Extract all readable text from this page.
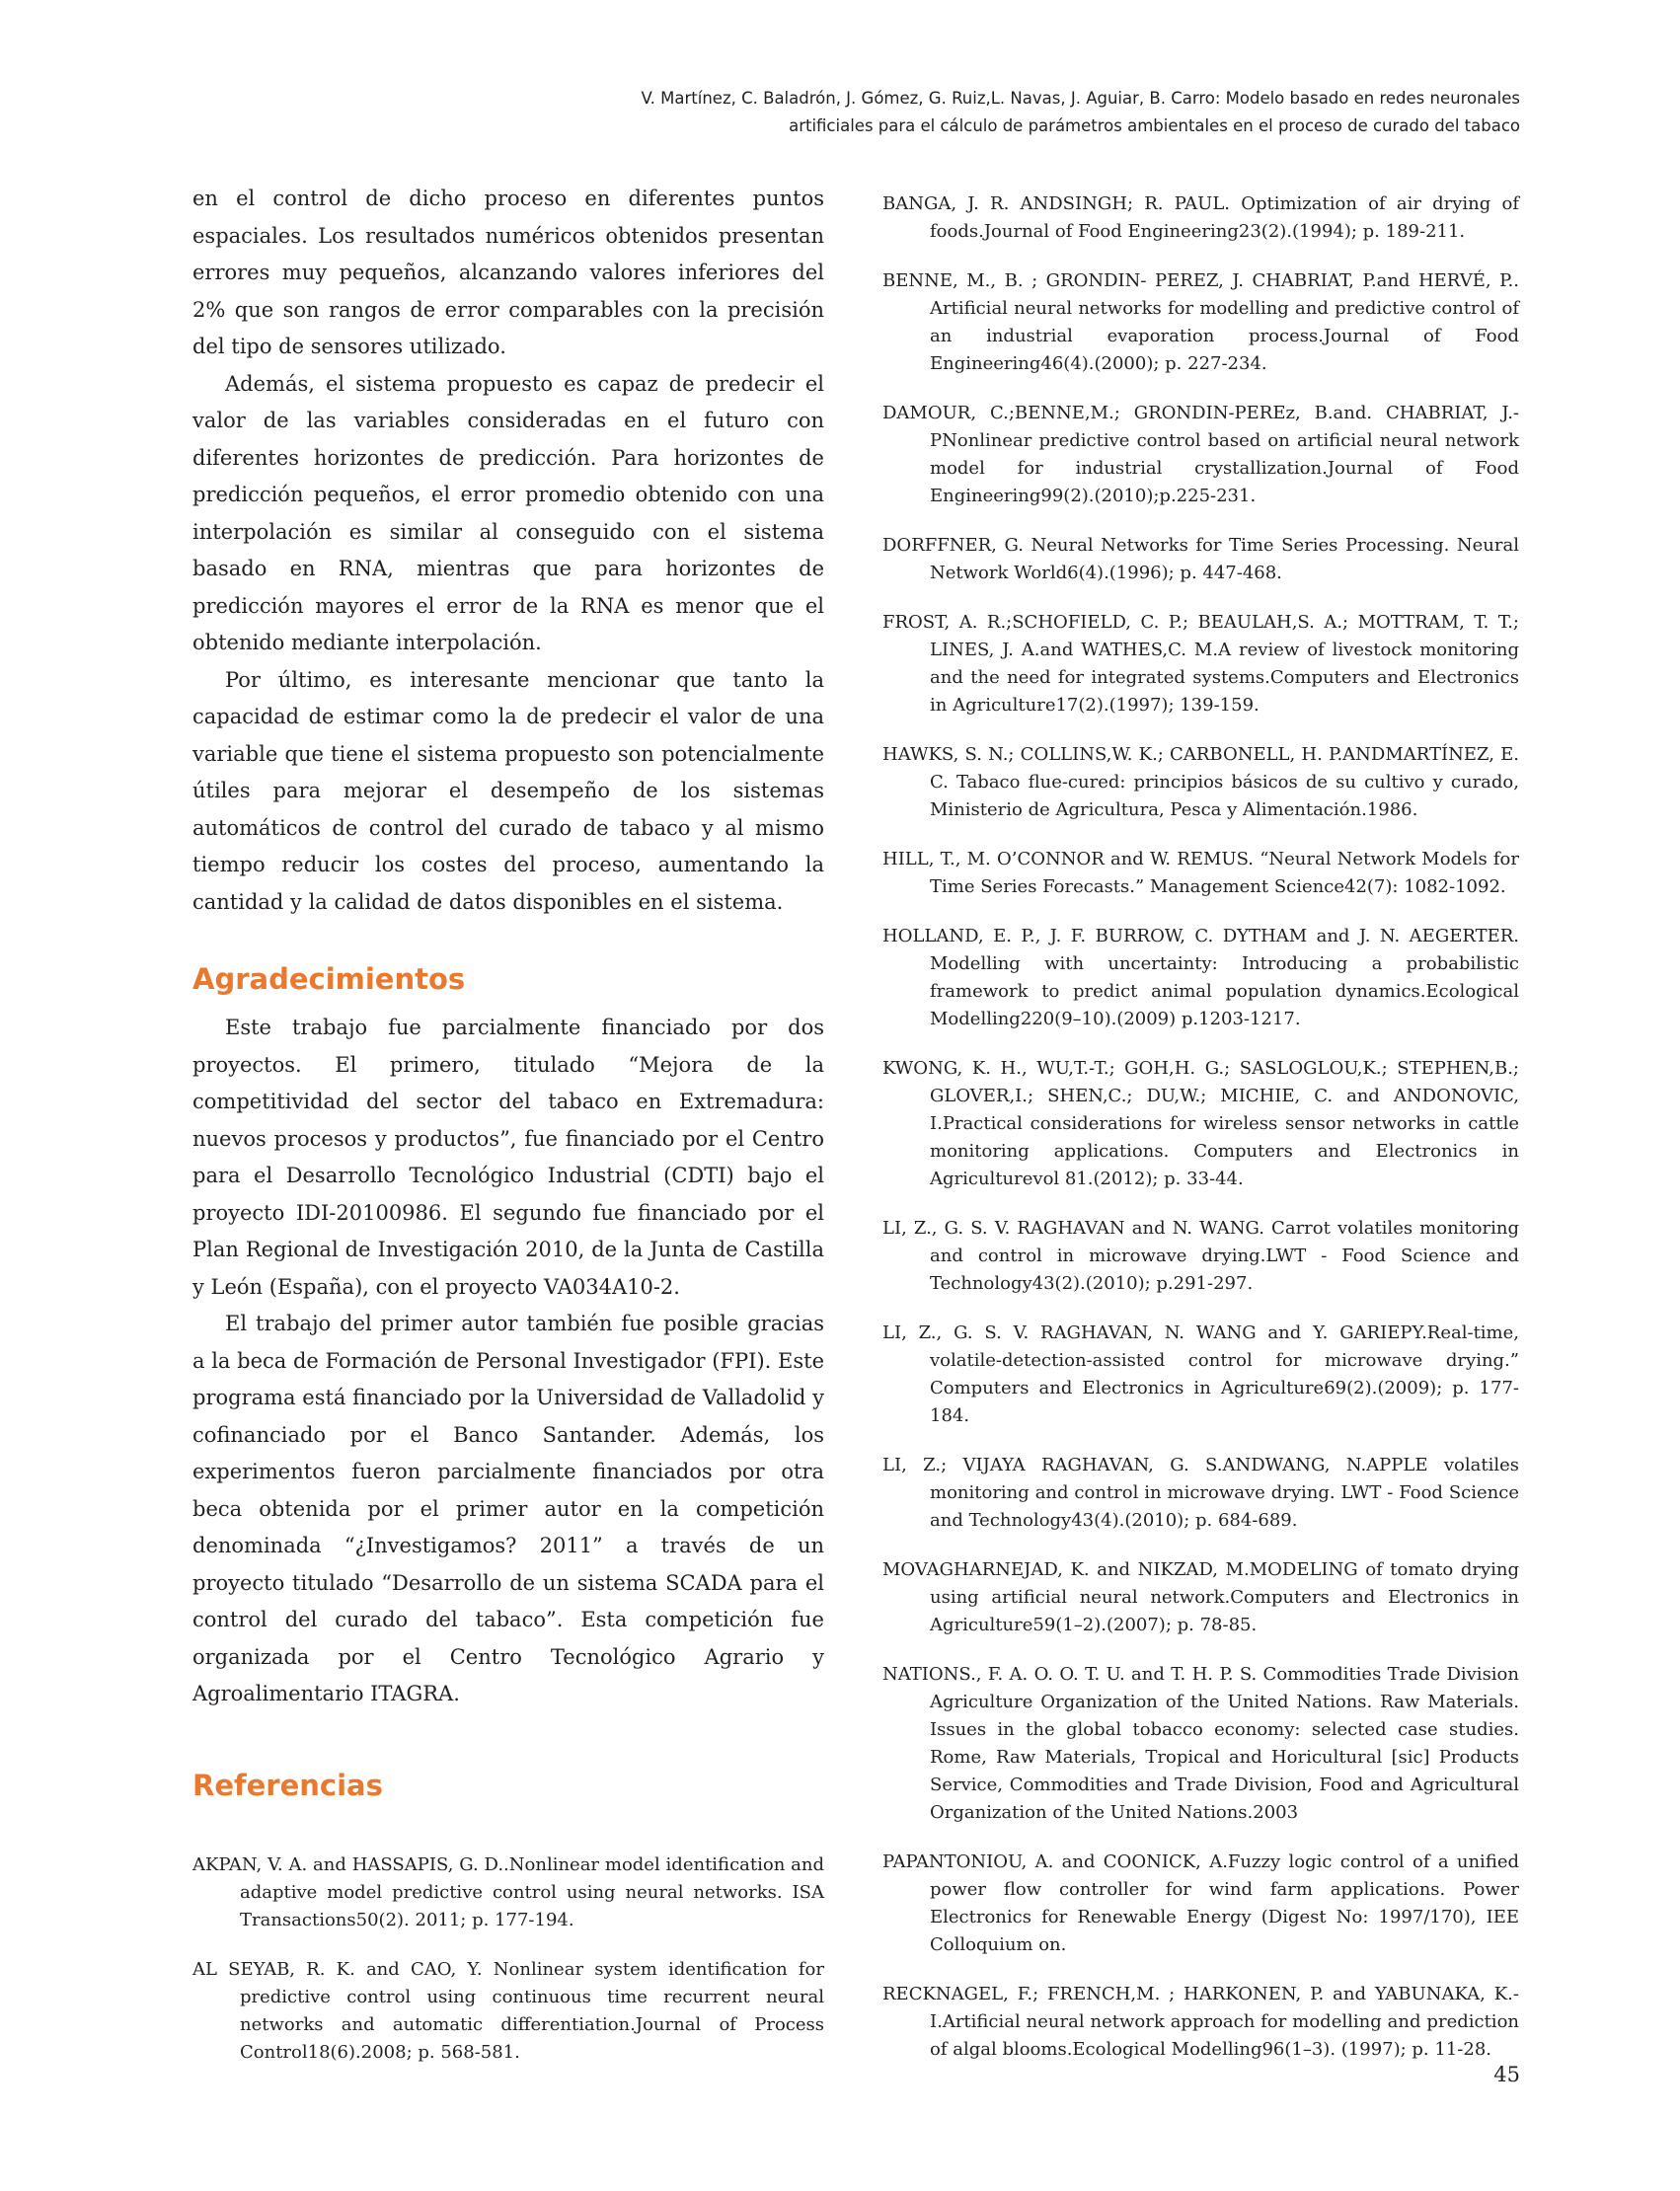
V. Martínez, C. Baladrón, J. Gómez, G. Ruiz,L. Navas, J. Aguiar, B. Carro: Modelo basado en redes neuronales
artificiales para el cálculo de parámetros ambientales en el proceso de curado del tabaco

en el control de dicho proceso en diferentes puntos espaciales. Los resultados numéricos obtenidos presentan errores muy pequeños, alcanzando valores inferiores del 2% que son rangos de error comparables con la precisión del tipo de sensores utilizado.

Además, el sistema propuesto es capaz de predecir el valor de las variables consideradas en el futuro con diferentes horizontes de predicción. Para horizontes de predicción pequeños, el error promedio obtenido con una interpolación es similar al conseguido con el sistema basado en RNA, mientras que para horizontes de predicción mayores el error de la RNA es menor que el obtenido mediante interpolación.

Por último, es interesante mencionar que tanto la capacidad de estimar como la de predecir el valor de una variable que tiene el sistema propuesto son potencialmente útiles para mejorar el desempeño de los sistemas automáticos de control del curado de tabaco y al mismo tiempo reducir los costes del proceso, aumentando la cantidad y la calidad de datos disponibles en el sistema.

Agradecimientos

Este trabajo fue parcialmente financiado por dos proyectos. El primero, titulado “Mejora de la competitividad del sector del tabaco en Extremadura: nuevos procesos y productos”, fue financiado por el Centro para el Desarrollo Tecnológico Industrial (CDTI) bajo el proyecto IDI-20100986. El segundo fue financiado por el Plan Regional de Investigación 2010, de la Junta de Castilla y León (España), con el proyecto VA034A10-2.

El trabajo del primer autor también fue posible gracias a la beca de Formación de Personal Investigador (FPI). Este programa está financiado por la Universidad de Valladolid y cofinanciado por el Banco Santander. Además, los experimentos fueron parcialmente financiados por otra beca obtenida por el primer autor en la competición denominada “¿Investigamos? 2011” a través de un proyecto titulado “Desarrollo de un sistema SCADA para el control del curado del tabaco”. Esta competición fue organizada por el Centro Tecnológico Agrario y Agroalimentario ITAGRA.

Referencias

AKPAN, V. A. and HASSAPIS, G. D..Nonlinear model identification and adaptive model predictive control using neural networks. ISA Transactions50(2). 2011; p. 177-194.

AL SEYAB, R. K. and CAO, Y. Nonlinear system identification for predictive control using continuous time recurrent neural networks and automatic differentiation.Journal of Process Control18(6).2008; p. 568-581.

BANGA, J. R. ANDSINGH; R. PAUL. Optimization of air drying of foods.Journal of Food Engineering23(2).(1994); p. 189-211.

BENNE, M., B. ; GRONDIN- PEREZ, J. CHABRIAT, P.and HERVÉ, P.. Artificial neural networks for modelling and predictive control of an industrial evaporation process.Journal of Food Engineering46(4).(2000); p. 227-234.

DAMOUR, C.;BENNE,M.; GRONDIN-PEREz, B.and. CHABRIAT, J.-PNonlinear predictive control based on artificial neural network model for industrial crystallization.Journal of Food Engineering99(2).(2010);p.225-231.

DORFFNER, G. Neural Networks for Time Series Processing. Neural Network World6(4).(1996); p. 447-468.

FROST, A. R.;SCHOFIELD, C. P.; BEAULAH,S. A.; MOTTRAM, T. T.; LINES, J. A.and WATHES,C. M.A review of livestock monitoring and the need for integrated systems.Computers and Electronics in Agriculture17(2).(1997); 139-159.

HAWKS, S. N.; COLLINS,W. K.; CARBONELL, H. P.ANDMARTÍNEZ, E. C. Tabaco flue-cured: principios básicos de su cultivo y curado, Ministerio de Agricultura, Pesca y Alimentación.1986.

HILL, T., M. O’CONNOR and W. REMUS. “Neural Network Models for Time Series Forecasts.” Management Science42(7): 1082-1092.

HOLLAND, E. P., J. F. BURROW, C. DYTHAM and J. N. AEGERTER. Modelling with uncertainty: Introducing a probabilistic framework to predict animal population dynamics.Ecological Modelling220(9–10).(2009) p.1203-1217.

KWONG, K. H., WU,T.-T.; GOH,H. G.; SASLOGLOU,K.; STEPHEN,B.; GLOVER,I.; SHEN,C.; DU,W.; MICHIE, C. and ANDONOVIC, I.Practical considerations for wireless sensor networks in cattle monitoring applications. Computers and Electronics in Agriculturevol 81.(2012); p. 33-44.

LI, Z., G. S. V. RAGHAVAN and N. WANG. Carrot volatiles monitoring and control in microwave drying.LWT - Food Science and Technology43(2).(2010); p.291-297.

LI, Z., G. S. V. RAGHAVAN, N. WANG and Y. GARIEPY.Real-time, volatile-detection-assisted control for microwave drying.” Computers and Electronics in Agriculture69(2).(2009); p. 177-184.

LI, Z.; VIJAYA RAGHAVAN, G. S.ANDWANG, N.APPLE volatiles monitoring and control in microwave drying. LWT - Food Science and Technology43(4).(2010); p. 684-689.

MOVAGHARNEJAD, K. and NIKZAD, M.MODELING of tomato drying using artificial neural network.Computers and Electronics in Agriculture59(1–2).(2007); p. 78-85.

NATIONS., F. A. O. O. T. U. and T. H. P. S. Commodities Trade Division Agriculture Organization of the United Nations. Raw Materials. Issues in the global tobacco economy: selected case studies. Rome, Raw Materials, Tropical and Horicultural [sic] Products Service, Commodities and Trade Division, Food and Agricultural Organization of the United Nations.2003

PAPANTONIOU, A. and COONICK, A.Fuzzy logic control of a unified power flow controller for wind farm applications. Power Electronics for Renewable Energy (Digest No: 1997/170), IEE Colloquium on.

RECKNAGEL, F.; FRENCH,M. ; HARKONEN, P. and YABUNAKA, K.-I.Artificial neural network approach for modelling and prediction of algal blooms.Ecological Modelling96(1–3). (1997); p. 11-28.

45
